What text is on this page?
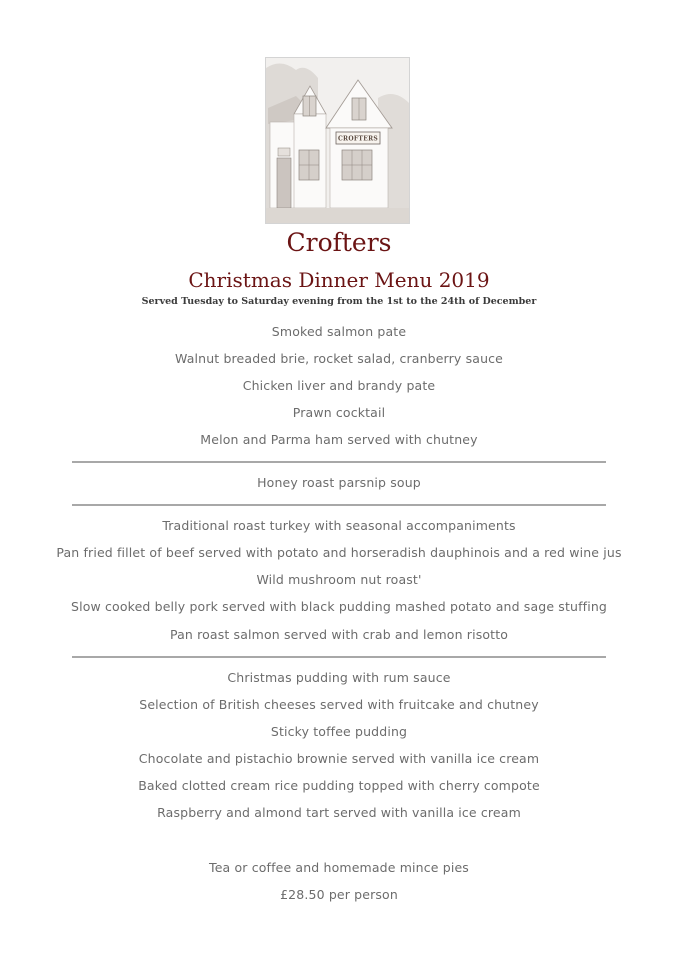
CROFTERS
Crofters
Christmas Dinner Menu 2019
Served Tuesday to Saturday evening from the 1st to the 24th of December
Smoked salmon pate
Walnut breaded brie, rocket salad, cranberry sauce
Chicken liver and brandy pate
Prawn cocktail
Melon and Parma ham served with chutney
Honey roast parsnip soup
Traditional roast turkey with seasonal accompaniments
Pan fried fillet of beef served with potato and horseradish dauphinois and a red wine jus
Wild mushroom nut roast'
Slow cooked belly pork served with black pudding mashed potato and sage stuffing
Pan roast salmon served with crab and lemon risotto
Christmas pudding with rum sauce
Selection of British cheeses served with fruitcake and chutney
Sticky toffee pudding
Chocolate and pistachio brownie served with vanilla ice cream
Baked clotted cream rice pudding topped with cherry compote
Raspberry and almond tart served with vanilla ice cream
Tea or coffee and homemade mince pies
£28.50 per person
